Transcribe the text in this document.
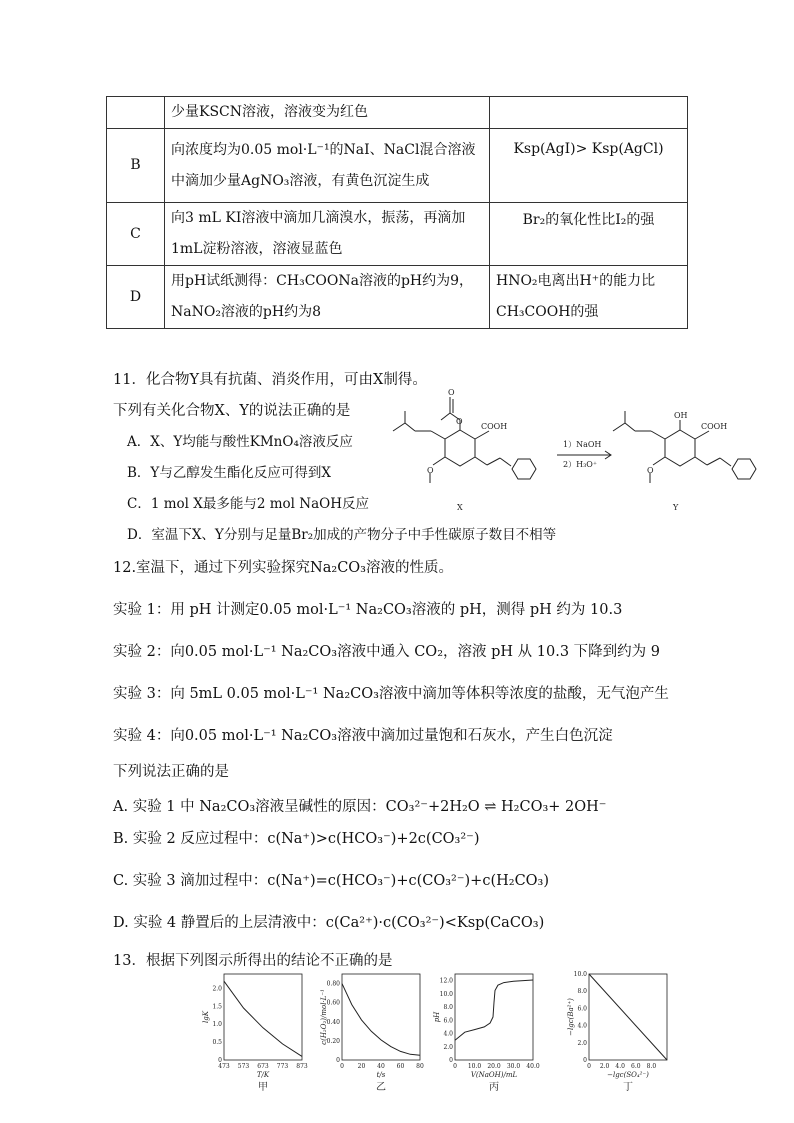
	少量KSCN溶液，溶液变为红色	
B	向浓度均为0.05 mol·L⁻¹的NaI、NaCl混合溶液中滴加少量AgNO₃溶液，有黄色沉淀生成	Ksp(AgI)> Ksp(AgCl)
C	向3 mL KI溶液中滴加几滴溴水，振荡，再滴加1mL淀粉溶液，溶液显蓝色	Br₂的氧化性比I₂的强
D	用pH试纸测得：CH₃COONa溶液的pH约为9，NaNO₂溶液的pH约为8	HNO₂电离出H⁺的能力比CH₃COOH的强
11．化合物Y具有抗菌、消炎作用，可由X制得。
下列有关化合物X、Y的说法正确的是
A．X、Y均能与酸性KMnO₄溶液反应
B．Y与乙醇发生酯化反应可得到X
C．1 mol X最多能与2 mol NaOH反应
D．室温下X、Y分别与足量Br₂加成的产物分子中手性碳原子数目不相等
O
O
COOH
O
X
1）NaOH
2）H₃O⁺
OH
COOH
O
Y
12.室温下，通过下列实验探究Na₂CO₃溶液的性质。
实验 1：用 pH 计测定0.05 mol·L⁻¹ Na₂CO₃溶液的 pH，测得 pH 约为 10.3
实验 2：向0.05 mol·L⁻¹ Na₂CO₃溶液中通入 CO₂，溶液 pH 从 10.3 下降到约为 9
实验 3：向 5mL 0.05 mol·L⁻¹ Na₂CO₃溶液中滴加等体积等浓度的盐酸，无气泡产生
实验 4：向0.05 mol·L⁻¹ Na₂CO₃溶液中滴加过量饱和石灰水，产生白色沉淀
下列说法正确的是
A. 实验 1 中 Na₂CO₃溶液呈碱性的原因：CO₃²⁻+2H₂O ⇌ H₂CO₃+ 2OH⁻
B. 实验 2 反应过程中：c(Na⁺)>c(HCO₃⁻)+2c(CO₃²⁻)
C. 实验 3 滴加过程中：c(Na⁺)=c(HCO₃⁻)+c(CO₃²⁻)+c(H₂CO₃)
D. 实验 4 静置后的上层清液中：c(Ca²⁺)·c(CO₃²⁻)<Ksp(CaCO₃)
13．根据下列图示所得出的结论不正确的是
0
0.5
1.0
1.5
2.0
473 573 673 773 873
T/K
lgK
甲
0
0.20
0.40
0.60
0.80
0 20 40 60 80
t/s
c(H₂O₂)/mol·L⁻¹
乙
0
2.0
4.0
6.0
8.0
10.0
12.0
0 10.0 20.0 30.0 40.0
V(NaOH)/mL
pH
丙
0
2.0
4.0
6.0
8.0
10.0
0 2.0 4.0 6.0 8.0
−lgc(SO₄²⁻)
−lgc(Ba²⁺)
丁
